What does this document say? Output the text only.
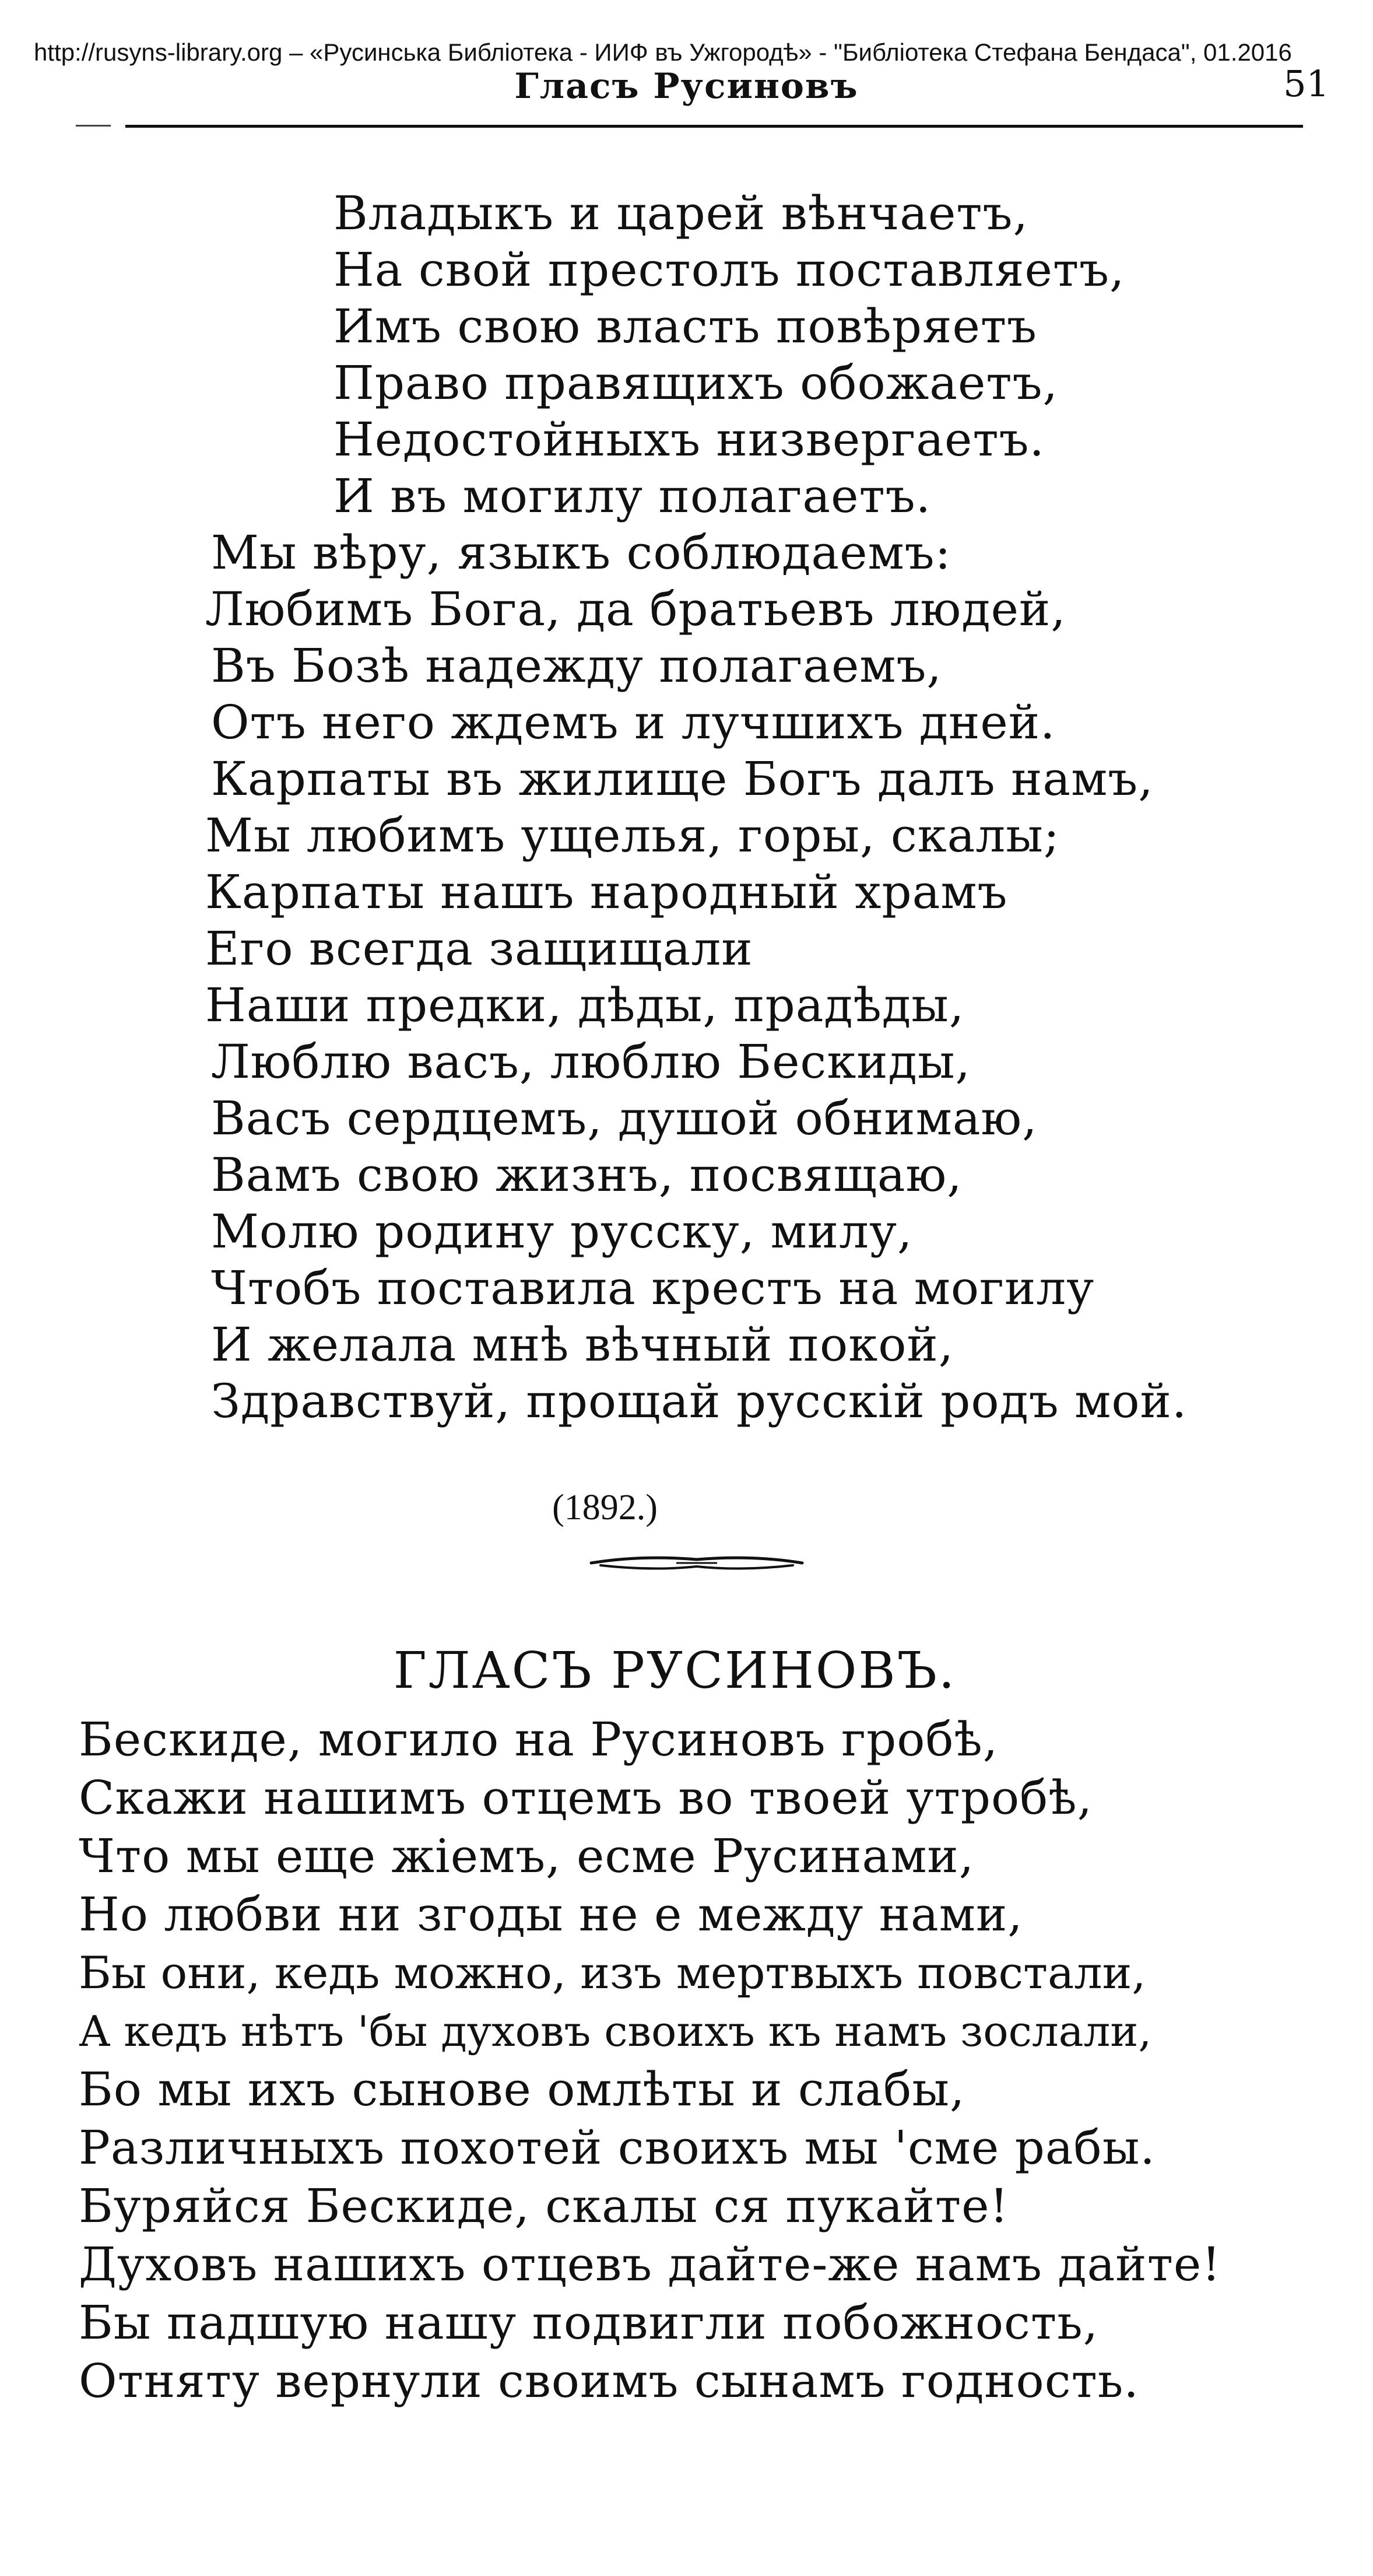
http://rusyns-library.org – «Русинська Библіотека - ИИФ въ Ужгородѣ» - "Библіотека Стефана Бендаса", 01.2016
Гласъ Русиновъ	51
Владыкъ и царей вѣнчаетъ,
На свой престолъ поставляетъ,
Имъ свою власть повѣряетъ
Право правящихъ обожаетъ,
Недостойныхъ низвергаетъ.
И въ могилу полагаетъ.
Мы вѣру, языкъ соблюдаемъ:
Любимъ Бога, да братьевъ людей,
Въ Бозѣ надежду полагаемъ,
Отъ него ждемъ и лучшихъ дней.
Карпаты въ жилище Богъ далъ намъ,
Мы любимъ ущелья, горы, скалы;
Карпаты нашъ народный храмъ
Его всегда защищали
Наши предки, дѣды, прадѣды,
Люблю васъ, люблю Бескиды,
Васъ сердцемъ, душой обнимаю,
Вамъ свою жизнъ, посвящаю,
Молю родину русску, милу,
Чтобъ поставила крестъ на могилу
И желала мнѣ вѣчный покой,
Здравствуй, прощай русскій родъ мой.
(1892.)
ГЛАСЪ РУСИНОВЪ.
Бескиде, могило на Русиновъ гробѣ,
Скажи нашимъ отцемъ во твоей утробѣ,
Что мы еще жіемъ, есме Русинами,
Но любви ни згоды не е между нами,
Бы они, кедь можно, изъ мертвыхъ повстали,
А кедъ нѣтъ 'бы духовъ своихъ къ намъ зослали,
Бо мы ихъ сынове омлѣты и слабы,
Различныхъ похотей своихъ мы 'сме рабы.
Буряйся Бескиде, скалы ся пукайте!
Духовъ нашихъ отцевъ дайте-же намъ дайте!
Бы падшую нашу подвигли побожность,
Отняту вернули своимъ сынамъ годность.
